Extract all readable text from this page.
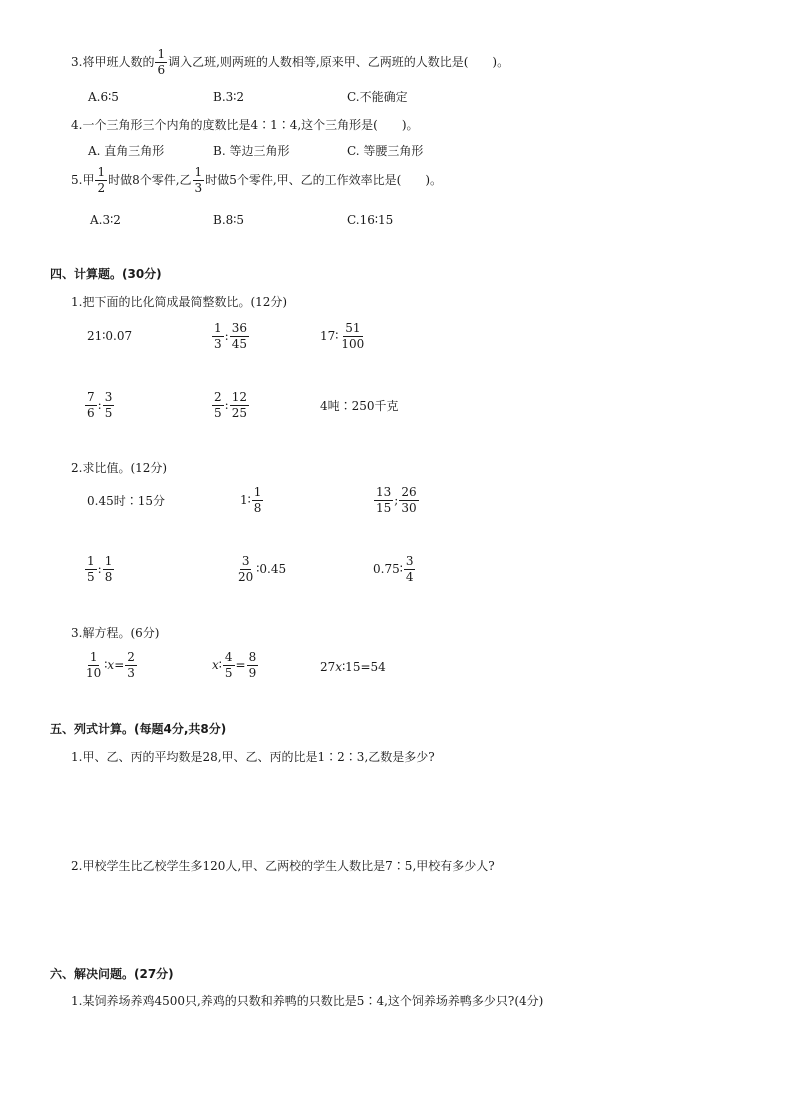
3.将甲班人数的 $\frac{1}{6}$ 调入乙班,则两班的人数相等,原来甲、乙两班的人数比是(　　)。
A.6∶5	B.3∶2	C.不能确定
4.一个三角形三个内角的度数比是4∶1∶4,这个三角形是(　　)。
A. 直角三角形	B. 等边三角形	C. 等腰三角形
5.甲 $\frac{1}{2}$ 时做8个零件,乙 $\frac{1}{3}$ 时做5个零件,甲、乙的工作效率比是(　　)。
A.3∶2	B.8∶5	C.16∶15
四、计算题。(30分)
1.把下面的比化简成最简整数比。(12分)
21∶0.07	$\frac{1}{3}$ : $\frac{36}{45}$	17∶ $\frac{51}{100}$
$\frac{7}{6}$ : $\frac{3}{5}$	$\frac{2}{5}$ : $\frac{12}{25}$	4吨∶250千克
2.求比值。(12分)
0.45时∶15分	1∶ $\frac{1}{8}$	$\frac{13}{15}$ ; $\frac{26}{30}$
$\frac{1}{5}$ : $\frac{1}{8}$	$\frac{3}{20}$ ∶0.45	0.75∶ $\frac{3}{4}$
3.解方程。(6分)
$\frac{1}{10}$ ∶ $x = \frac{2}{3}$	x ∶ $\frac{4}{5} = \frac{8}{9}$	27x∶15=54
五、列式计算。(每题4分,共8分)
1.甲、乙、丙的平均数是28,甲、乙、丙的比是1∶2∶3,乙数是多少?
2.甲校学生比乙校学生多120人,甲、乙两校的学生人数比是7∶5,甲校有多少人?
六、解决问题。(27分)
1.某饲养场养鸡4500只,养鸡的只数和养鸭的只数比是5∶4,这个饲养场养鸭多少只?(4分)
